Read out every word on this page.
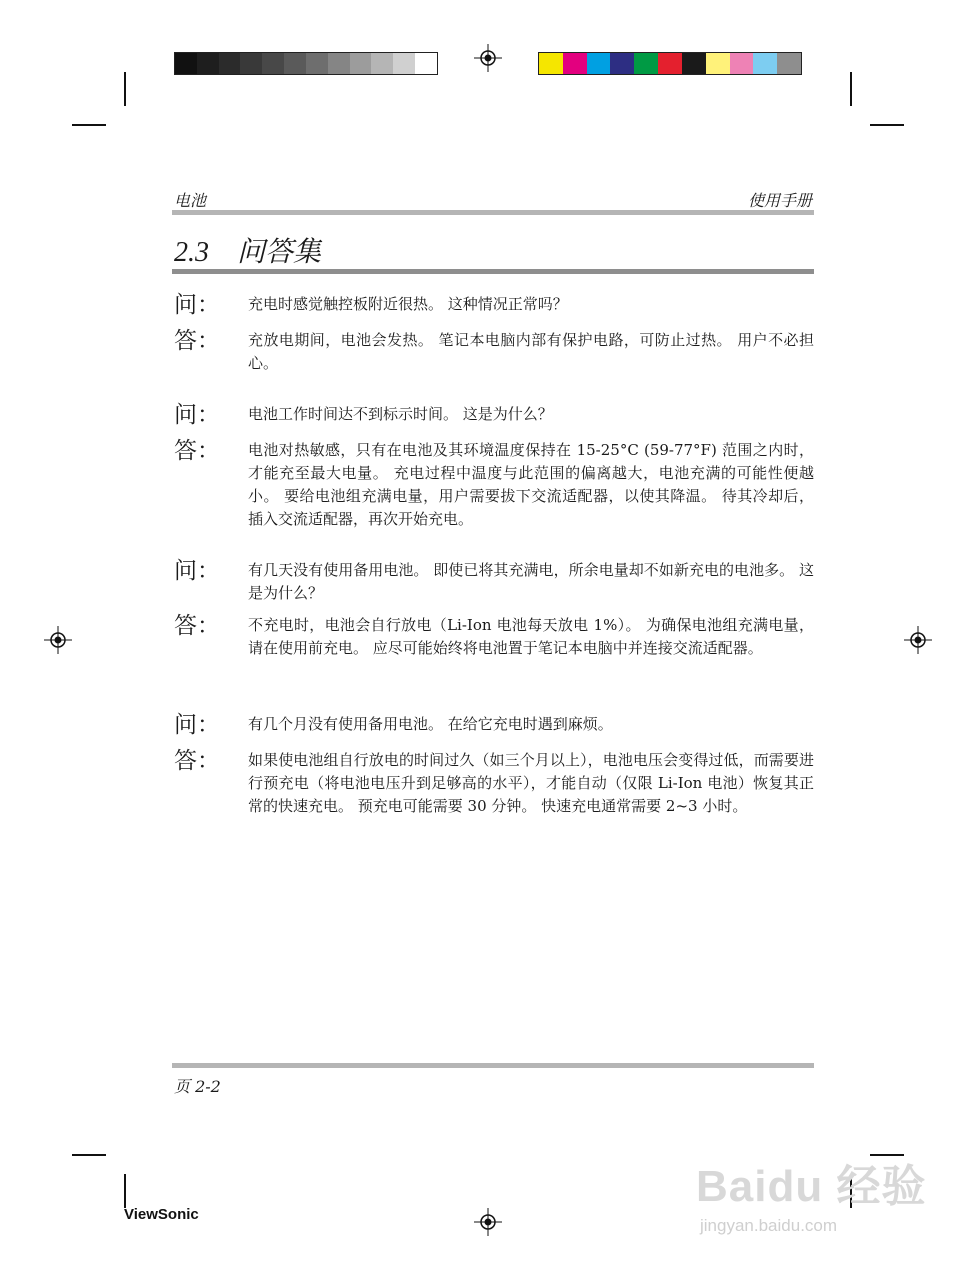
电池	使用手册
2.3 问答集
问：	充电时感觉触控板附近很热。 这种情况正常吗？
答：	充放电期间，电池会发热。 笔记本电脑内部有保护电路，可防止过热。 用户不必担心。
问：	电池工作时间达不到标示时间。 这是为什么？
答：	电池对热敏感，只有在电池及其环境温度保持在 15-25°C (59-77°F) 范围之内时，才能充至最大电量。 充电过程中温度与此范围的偏离越大，电池充满的可能性便越小。 要给电池组充满电量，用户需要拔下交流适配器，以使其降温。 待其冷却后， 插入交流适配器，再次开始充电。
问：	有几天没有使用备用电池。 即使已将其充满电，所余电量却不如新充电的电池多。 这是为什么？
答：	不充电时，电池会自行放电（Li-Ion 电池每天放电 1%）。 为确保电池组充满电量，请在使用前充电。 应尽可能始终将电池置于笔记本电脑中并连接交流适配器。
问：	有几个月没有使用备用电池。 在给它充电时遇到麻烦。
答：	如果使电池组自行放电的时间过久（如三个月以上），电池电压会变得过低，而需要进行预充电（将电池电压升到足够高的水平），才能自动（仅限 Li-Ion 电池）恢复其正常的快速充电。 预充电可能需要 30 分钟。 快速充电通常需要 2~3 小时。
页 2-2
ViewSonic
Baidu 经验
jingyan.baidu.com
